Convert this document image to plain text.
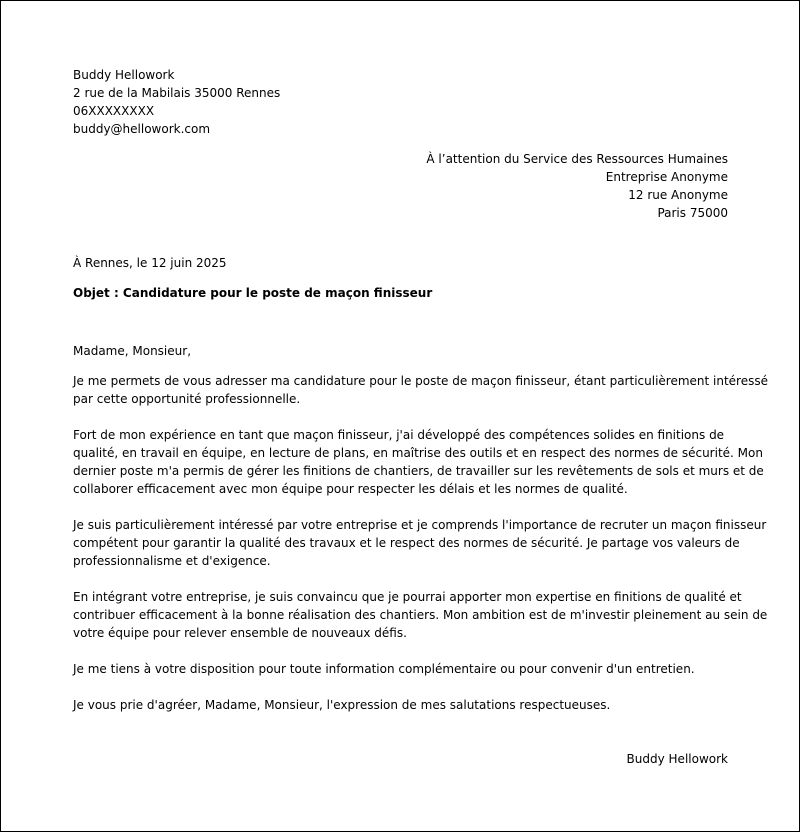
Buddy Hellowork
2 rue de la Mabilais 35000 Rennes
06XXXXXXXX
buddy@hellowork.com
À l’attention du Service des Ressources Humaines
Entreprise Anonyme
12 rue Anonyme
Paris 75000
À Rennes, le 12 juin 2025
Objet : Candidature pour le poste de maçon finisseur
Madame, Monsieur,
Je me permets de vous adresser ma candidature pour le poste de maçon finisseur, étant particulièrement intéressé
par cette opportunité professionnelle.
Fort de mon expérience en tant que maçon finisseur, j'ai développé des compétences solides en finitions de
qualité, en travail en équipe, en lecture de plans, en maîtrise des outils et en respect des normes de sécurité. Mon
dernier poste m'a permis de gérer les finitions de chantiers, de travailler sur les revêtements de sols et murs et de
collaborer efficacement avec mon équipe pour respecter les délais et les normes de qualité.
Je suis particulièrement intéressé par votre entreprise et je comprends l'importance de recruter un maçon finisseur
compétent pour garantir la qualité des travaux et le respect des normes de sécurité. Je partage vos valeurs de
professionnalisme et d'exigence.
En intégrant votre entreprise, je suis convaincu que je pourrai apporter mon expertise en finitions de qualité et
contribuer efficacement à la bonne réalisation des chantiers. Mon ambition est de m'investir pleinement au sein de
votre équipe pour relever ensemble de nouveaux défis.
Je me tiens à votre disposition pour toute information complémentaire ou pour convenir d'un entretien.
Je vous prie d'agréer, Madame, Monsieur, l'expression de mes salutations respectueuses.
Buddy Hellowork
